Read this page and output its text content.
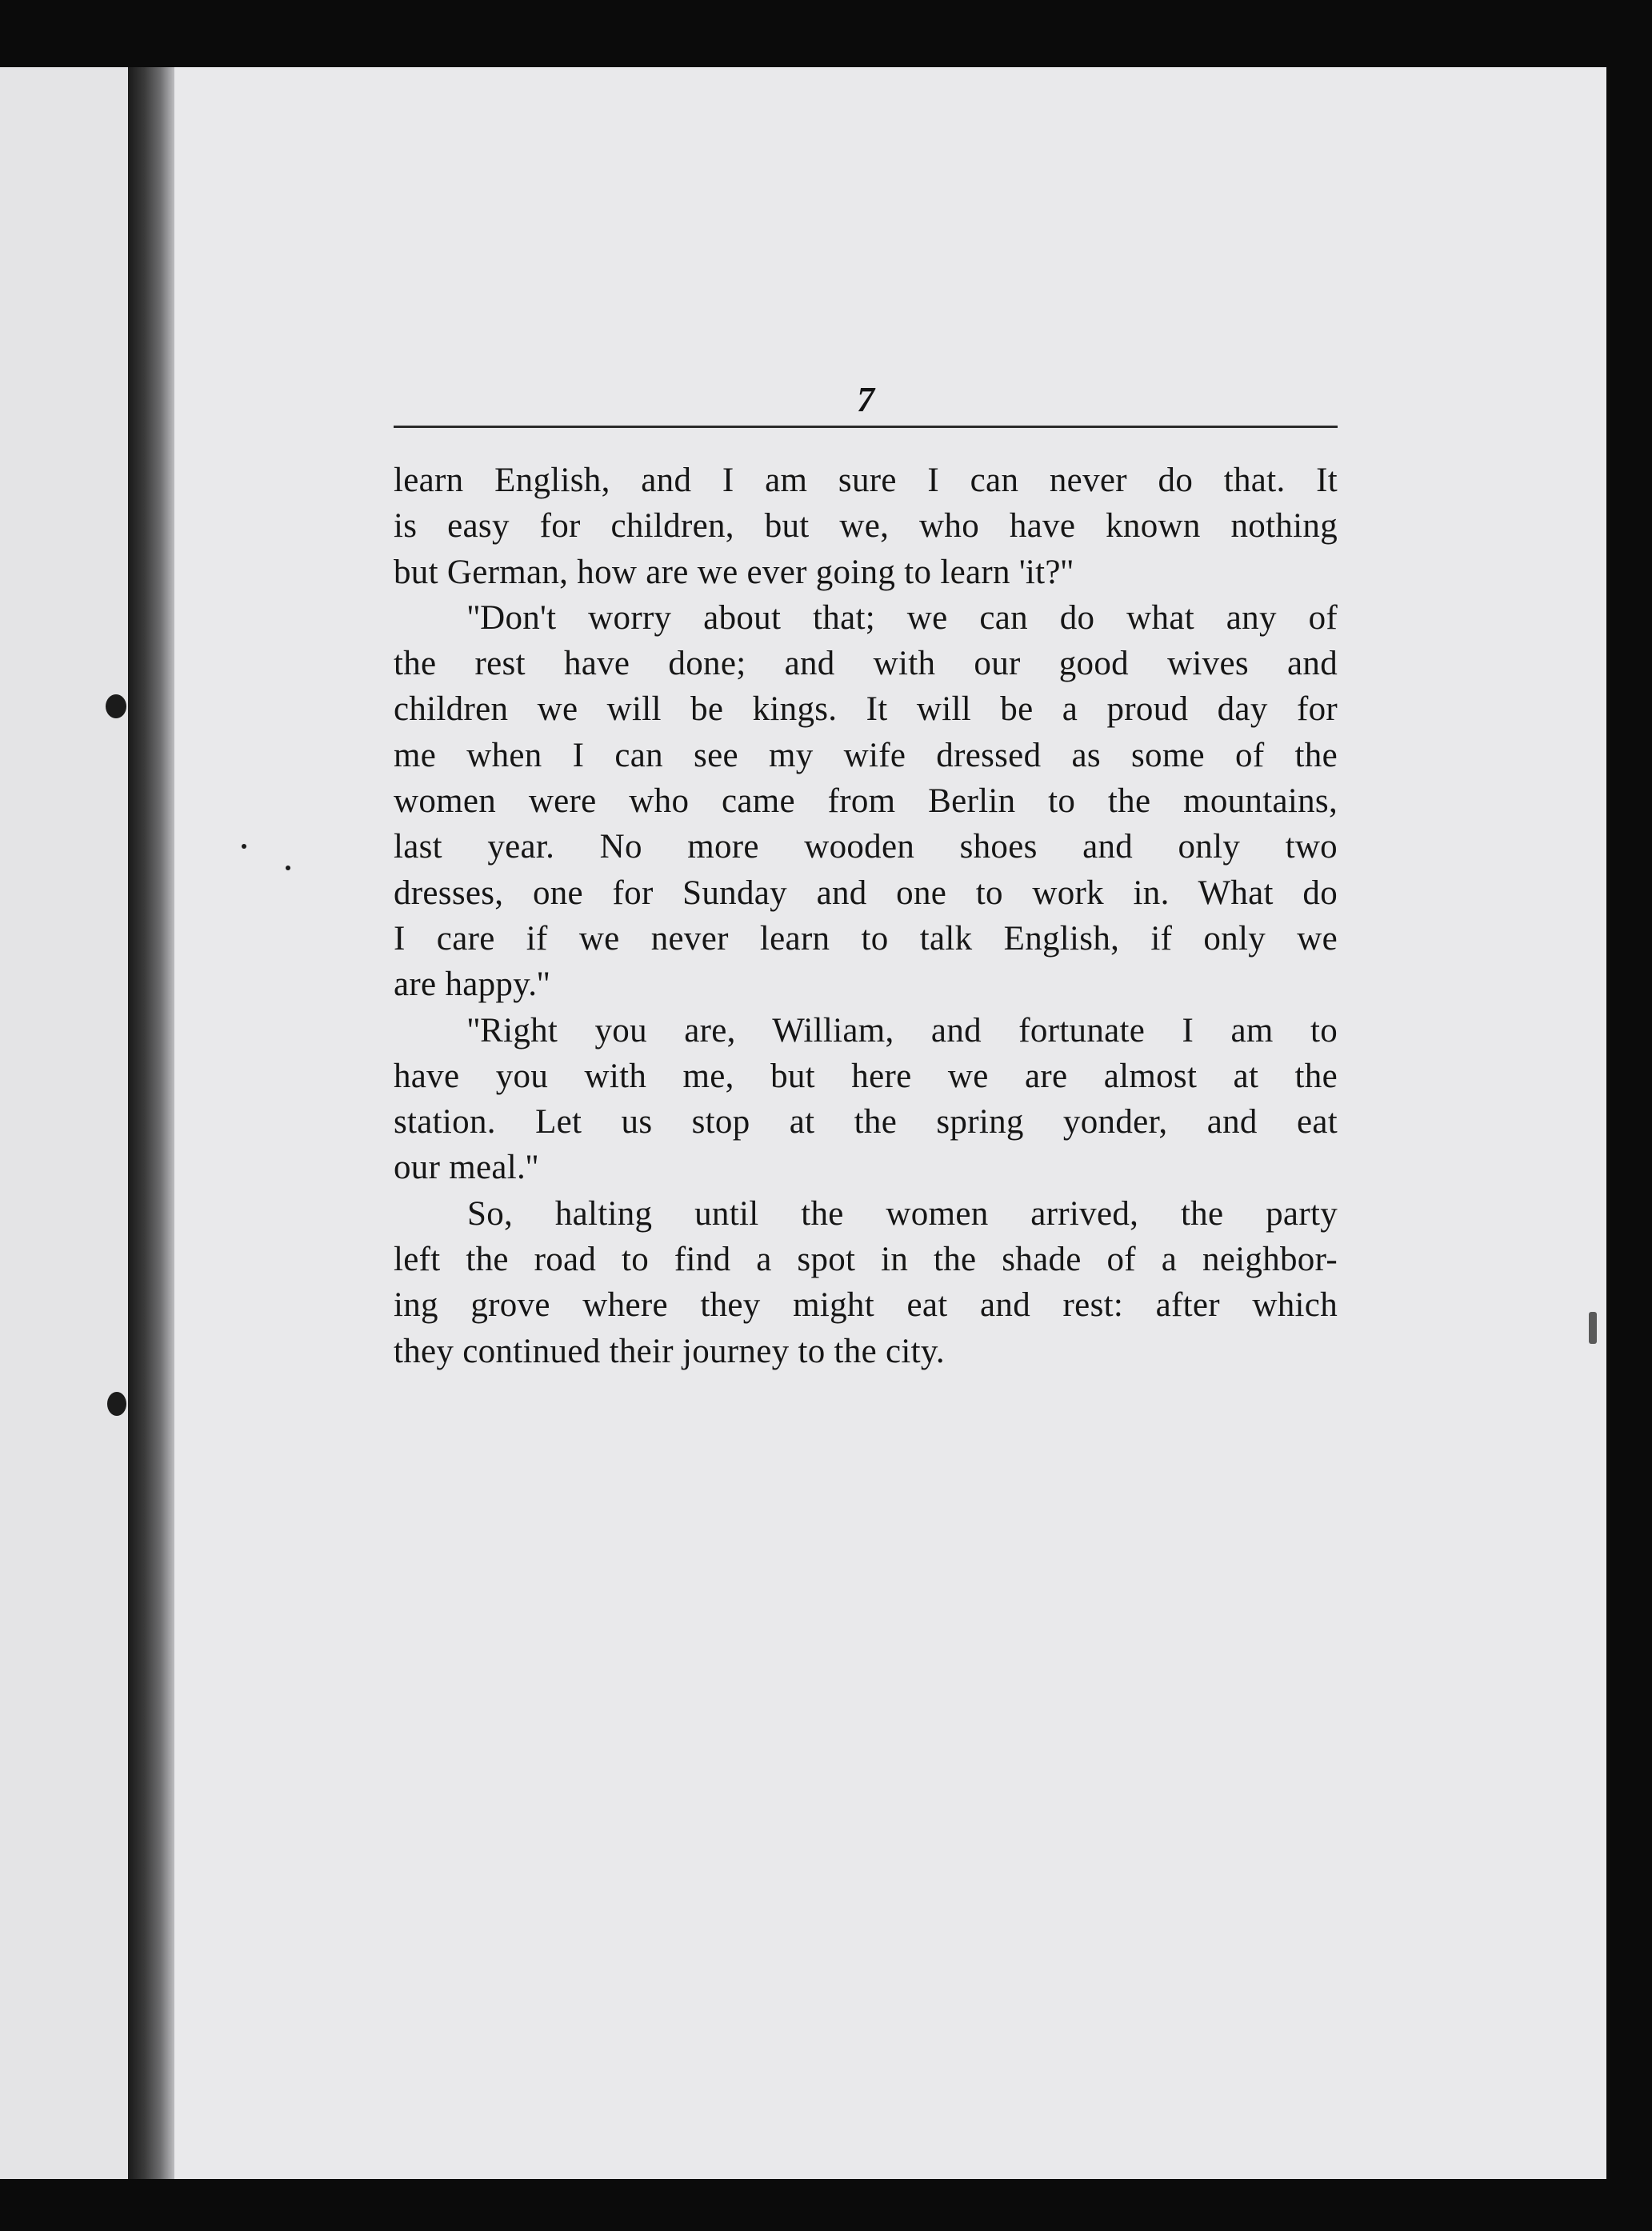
7
learn English, and I am sure I can never do that. It
is easy for children, but we, who have known nothing
but German, how are we ever going to learn 'it?''
''Don't worry about that; we can do what any of
the rest have done; and with our good wives and
children we will be kings. It will be a proud day for
me when I can see my wife dressed as some of the
women were who came from Berlin to the mountains,
last year. No more wooden shoes and only two
dresses, one for Sunday and one to work in. What do
I care if we never learn to talk English, if only we
are happy.''
''Right you are, William, and fortunate I am to
have you with me, but here we are almost at the
station. Let us stop at the spring yonder, and eat
our meal.''
So, halting until the women arrived, the party
left the road to find a spot in the shade of a neighbor-
ing grove where they might eat and rest: after which
they continued their journey to the city.
